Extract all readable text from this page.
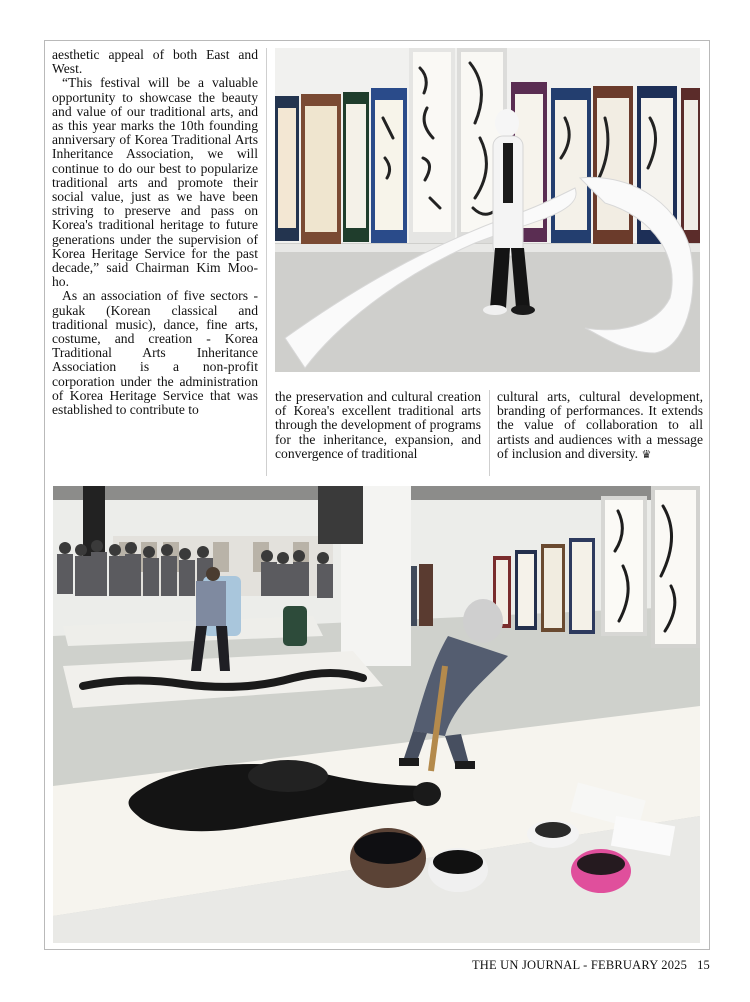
aesthetic appeal of both East and West.

“This festival will be a valuable opportunity to showcase the beauty and value of our traditional arts, and as this year marks the 10th founding anniversary of Korea Traditional Arts Inheritance Association, we will continue to do our best to popularize traditional arts and promote their social value, just as we have been striving to preserve and pass on Korea's traditional heritage to future generations under the supervision of Korea Heritage Service for the past decade,” said Chairman Kim Moo-ho.

As an association of five sectors - gukak (Korean classical and traditional music), dance, fine arts, costume, and creation - Korea Traditional Arts Inheritance Association is a non-profit corporation under the administration of Korea Heritage Service that was established to contribute to

the preservation and cultural creation of Korea's excellent traditional arts through the development of programs for the inheritance, expansion, and convergence of traditional

cultural arts, cultural development, branding of performances. It extends the value of collaboration to all artists and audiences with a message of inclusion and diversity. ♛

THE UN JOURNAL - FEBRUARY 2025 15
